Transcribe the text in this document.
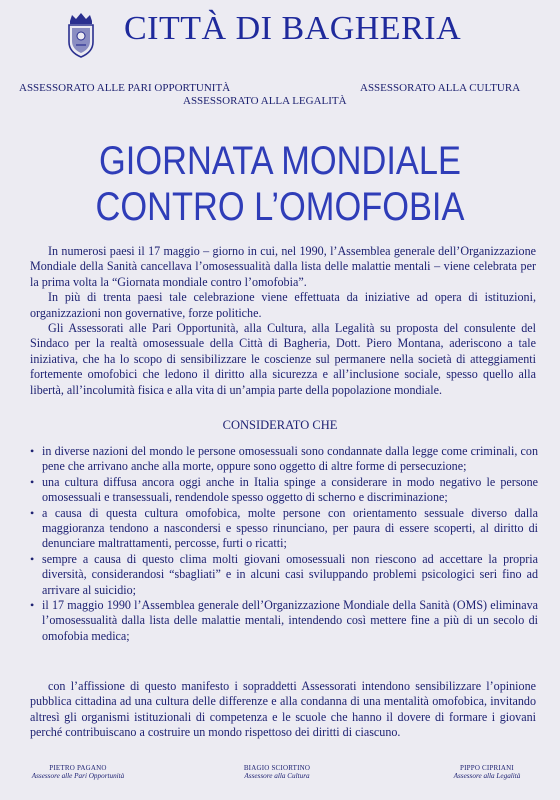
CITTÀ DI BAGHERIA
ASSESSORATO ALLE PARI OPPORTUNITÀ	ASSESSORATO ALLA CULTURA
ASSESSORATO ALLA LEGALITÀ
GIORNATA MONDIALE
CONTRO L’OMOFOBIA

In numerosi paesi il 17 maggio – giorno in cui, nel 1990, l’Assemblea generale dell’Organizzazione Mondiale della Sanità cancellava l’omosessualità dalla lista delle malattie mentali – viene celebrata per la prima volta la “Giornata mondiale contro l’omofobia”.

In più di trenta paesi tale celebrazione viene effettuata da iniziative ad opera di istituzioni, organizzazioni non governative, forze politiche.

Gli Assessorati alle Pari Opportunità, alla Cultura, alla Legalità su proposta del consulente del Sindaco per la realtà omosessuale della Città di Bagheria, Dott. Piero Montana, aderiscono a tale iniziativa, che ha lo scopo di sensibilizzare le coscienze sul permanere nella società di atteggiamenti fortemente omofobici che ledono il diritto alla sicurezza e all’inclusione sociale, spesso quello alla libertà, all’incolumità fisica e alla vita di un’ampia parte della popolazione mondiale.

CONSIDERATO CHE
• in diverse nazioni del mondo le persone omosessuali sono condannate dalla legge come criminali, con pene che arrivano anche alla morte, oppure sono oggetto di altre forme di persecuzione;
• una cultura diffusa ancora oggi anche in Italia spinge a considerare in modo negativo le persone omosessuali e transessuali, rendendole spesso oggetto di scherno e discriminazione;
• a causa di questa cultura omofobica, molte persone con orientamento sessuale diverso dalla maggioranza tendono a nascondersi e spesso rinunciano, per paura di essere scoperti, al diritto di denunciare maltrattamenti, percosse, furti o ricatti;
• sempre a causa di questo clima molti giovani omosessuali non riescono ad accettare la propria diversità, considerandosi “sbagliati” e in alcuni casi sviluppando problemi psicologici seri fino ad arrivare al suicidio;
• il 17 maggio 1990 l’Assemblea generale dell’Organizzazione Mondiale della Sanità (OMS) eliminava l’omosessualità dalla lista delle malattie mentali, intendendo così mettere fine a più di un secolo di omofobia medica;

con l’affissione di questo manifesto i sopraddetti Assessorati intendono sensibilizzare l’opinione pubblica cittadina ad una cultura delle differenze e alla condanna di una mentalità omofobica, invitando altresì gli organismi istituzionali di competenza e le scuole che hanno il dovere di formare i giovani perché contribuiscano a costruire un mondo rispettoso dei diritti di ciascuno.

PIETRO PAGANO
Assessore alle Pari Opportunità
BIAGIO SCIORTINO
Assessore alla Cultura
PIPPO CIPRIANI
Assessore alla Legalità
